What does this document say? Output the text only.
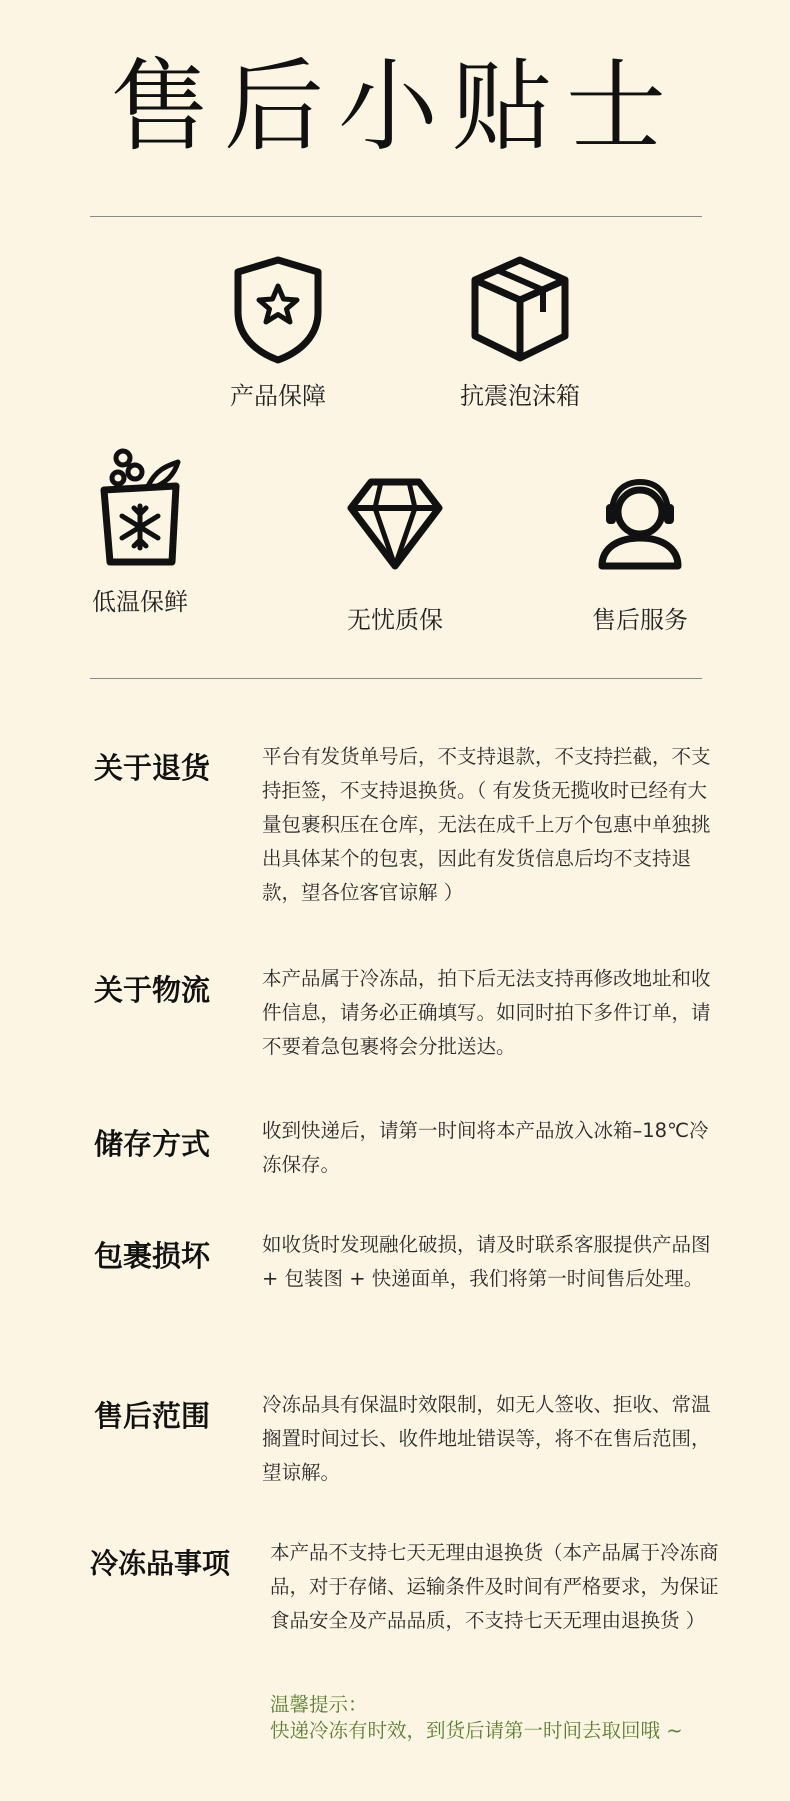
售后小贴士
产品保障	抗震泡沫箱
低温保鲜
无忧质保	售后服务
关于退货	平台有发货单号后，不支持退款，不支持拦截，不支持拒签，不支持退换货。（ 有发货无揽收时已经有大量包裹积压在仓库，无法在成千上万个包惠中单独挑出具体某个的包衷，因此有发货信息后均不支持退款，望各位客官谅解 ）
关于物流	本产品属于冷冻品，拍下后无法支持再修改地址和收件信息，请务必正确填写。如同时拍下多件订单，请不要着急包裹将会分批送达。
储存方式	收到快递后，请第一时间将本产品放入冰箱–18℃冷冻保存。
包裹损坏	如收货时发现融化破损，请及时联系客服提供产品图 + 包装图 + 快递面单，我们将第一时间售后处理。
售后范围	冷冻品具有保温时效限制，如无人签收、拒收、常温搁置时间过长、收件地址错误等，将不在售后范围，望谅解。
冷冻品事项 本产品不支持七天无理由退换货（本产品属于冷冻商品，对于存储、运输条件及时间有严格要求，为保证食品安全及产品品质，不支持七天无理由退换货 ）
温馨提示：
快递冷冻有时效，到货后请第一时间去取回哦 ~
